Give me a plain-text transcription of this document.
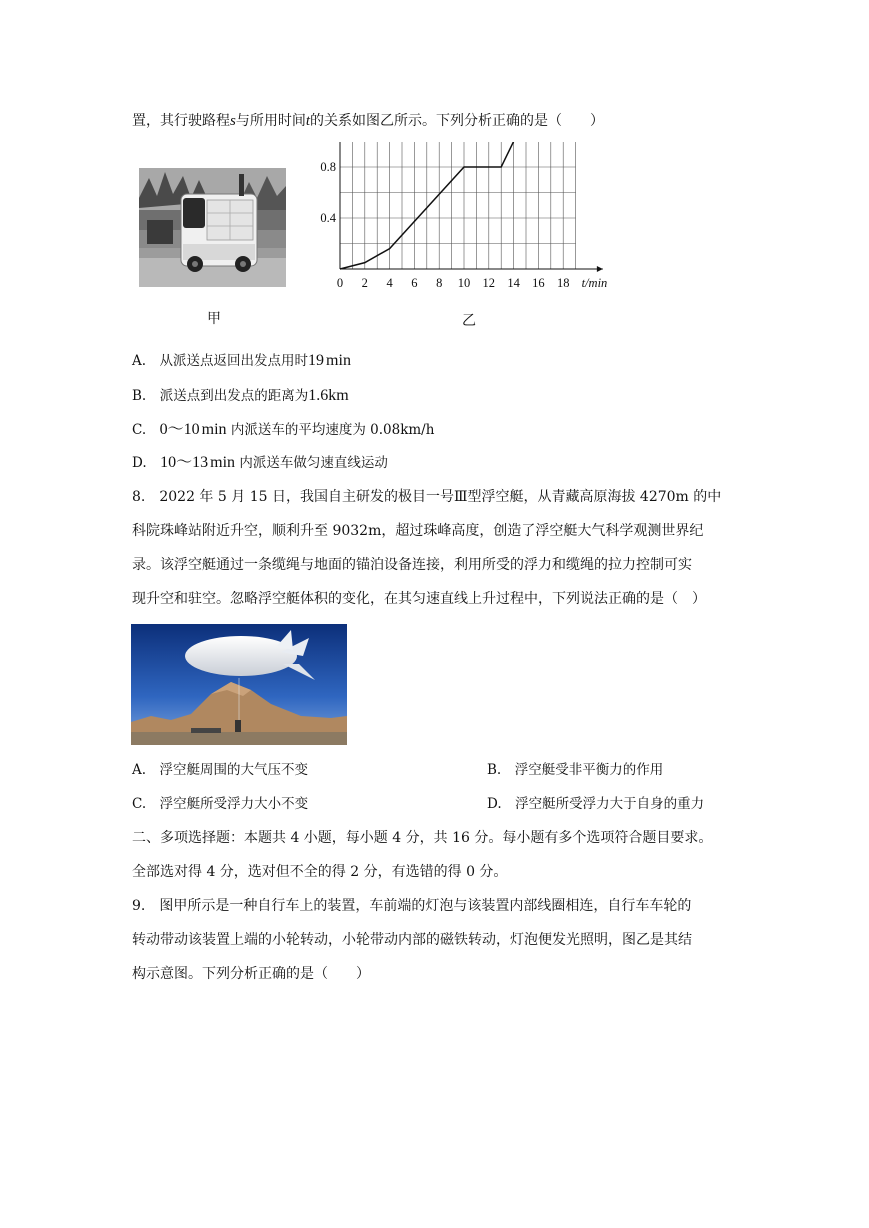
置，其行驶路程s与所用时间t的关系如图乙所示。下列分析正确的是（　　）
0 2 4 6 8 10 12 14 16 18
0.4
0.8
t/min
甲	乙
A.　从派送点返回出发点用时19 min
B.　派送点到出发点的距离为1.6km
C.　0～10 min 内派送车的平均速度为 0.08km/h
D.　10～13 min 内派送车做匀速直线运动
8.　2022 年 5 月 15 日，我国自主研发的极目一号Ⅲ型浮空艇，从青藏高原海拔 4270m 的中
科院珠峰站附近升空，顺利升至 9032m，超过珠峰高度，创造了浮空艇大气科学观测世界纪
录。该浮空艇通过一条缆绳与地面的锚泊设备连接，利用所受的浮力和缆绳的拉力控制可实
现升空和驻空。忽略浮空艇体积的变化，在其匀速直线上升过程中，下列说法正确的是（　）
A.　浮空艇周围的大气压不变	B.　浮空艇受非平衡力的作用
C.　浮空艇所受浮力大小不变	D.　浮空艇所受浮力大于自身的重力
二、多项选择题：本题共 4 小题，每小题 4 分，共 16 分。每小题有多个选项符合题目要求。
全部选对得 4 分，选对但不全的得 2 分，有选错的得 0 分。
9.　图甲所示是一种自行车上的装置，车前端的灯泡与该装置内部线圈相连，自行车车轮的
转动带动该装置上端的小轮转动，小轮带动内部的磁铁转动，灯泡便发光照明，图乙是其结
构示意图。下列分析正确的是（　　）
